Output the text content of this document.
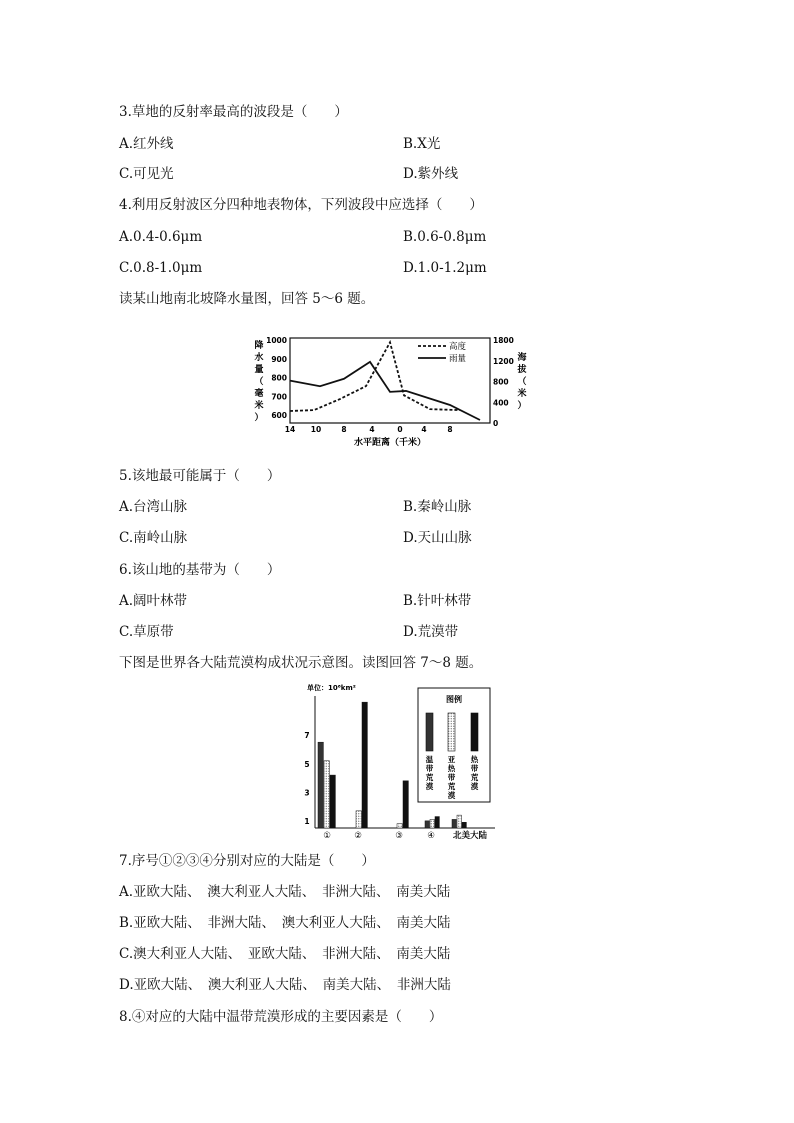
3.草地的反射率最高的波段是（　　）
A.红外线	B.X光
C.可见光	D.紫外线
4.利用反射波区分四种地表物体，下列波段中应选择（　　）
A.0.4-0.6μm	B.0.6-0.8μm
C.0.8-1.0μm	D.1.0-1.2μm
读某山地南北坡降水量图，回答 5～6 题。
降
水
量
（
毫
米
）
海
拔
（
米
）
1000
900
800
700
600
1800
1200
800
400
0
14 10	8	4	0	4	8
高度
雨量
水平距离（千米）
5.该地最可能属于（　　）
A.台湾山脉	B.秦岭山脉
C.南岭山脉	D.天山山脉
6.该山地的基带为（　　）
A.阔叶林带	B.针叶林带
C.草原带	D.荒漠带
下图是世界各大陆荒漠构成状况示意图。读图回答 7～8 题。
单位：10⁶km²
7
5
3
1
①	②	③	④ 北美大陆
图例
温
带
荒
漠
亚
热
带
荒
漠
热
带
荒
漠
7.序号①②③④分别对应的大陆是（　　）
A.亚欧大陆、　澳大利亚人大陆、　非洲大陆、　南美大陆
B.亚欧大陆、　非洲大陆、　澳大利亚人大陆、　南美大陆
C.澳大利亚人大陆、　亚欧大陆、　非洲大陆、　南美大陆
D.亚欧大陆、　澳大利亚人大陆、　南美大陆、　非洲大陆
8.④对应的大陆中温带荒漠形成的主要因素是（　　）
